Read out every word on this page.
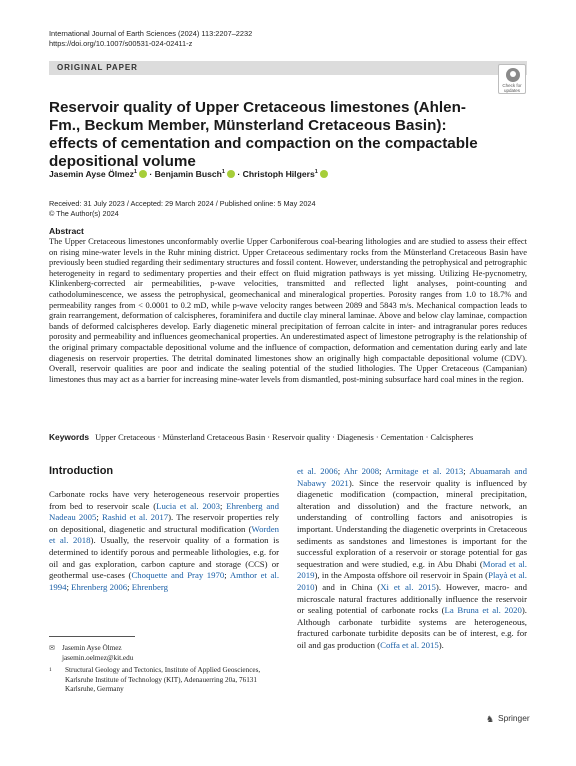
International Journal of Earth Sciences (2024) 113:2207–2232
https://doi.org/10.1007/s00531-024-02411-z
ORIGINAL PAPER
Check for
updates
Reservoir quality of Upper Cretaceous limestones (Ahlen-Fm., Beckum Member, Münsterland Cretaceous Basin): effects of cementation and compaction on the compactable depositional volume
Jasemin Ayse Ölmez$^1$ · Benjamin Busch$^1$ · Christoph Hilgers$^1$
Received: 31 July 2023 / Accepted: 29 March 2024 / Published online: 5 May 2024
© The Author(s) 2024
Abstract

The Upper Cretaceous limestones unconformably overlie Upper Carboniferous coal-bearing lithologies and are studied to assess their effect on rising mine-water levels in the Ruhr mining district. Upper Cretaceous sedimentary rocks from the Münsterland Cretaceous Basin have previously been studied regarding their sedimentary structures and fossil content. However, understanding the petrophysical and petrographic heterogeneity in regard to sedimentary properties and their effect on fluid migration pathways is yet missing. Utilizing He-pycnometry, Klinkenberg-corrected air permeabilities, p-wave velocities, transmitted and reflected light analyses, point-counting and cathodoluminescence, we assess the petrophysical, geomechanical and mineralogical properties. Porosity ranges from 1.0 to 18.7% and permeability ranges from < 0.0001 to 0.2 mD, while p-wave velocity ranges between 2089 and 5843 m/s. Mechanical compaction leads to grain rearrangement, deformation of calcispheres, foraminifera and ductile clay mineral laminae. Above and below clay laminae, compaction bands of deformed calcispheres develop. Early diagenetic mineral precipitation of ferroan calcite in inter- and intragranular pores reduces porosity and permeability and influences geomechanical properties. An underestimated aspect of limestone petrography is the relationship of the original primary compactable depositional volume and the influence of compaction, deformation and cementation during early and late diagenesis on reservoir properties. The detrital dominated limestones show an originally high compactable depositional volume (CDV). Overall, reservoir qualities are poor and indicate the sealing potential of the studied lithologies. The Upper Cretaceous (Campanian) limestones thus may act as a barrier for increasing mine-water levels from dismantled, post-mining subsurface hard coal mines in the region.

Keywords Upper Cretaceous · Münsterland Cretaceous Basin · Reservoir quality · Diagenesis · Cementation · Calcispheres
Introduction

Carbonate rocks have very heterogeneous reservoir properties from bed to reservoir scale (Lucia et al. 2003; Ehrenberg and Nadeau 2005; Rashid et al. 2017). The reservoir properties rely on depositional, diagenetic and structural modification (Worden et al. 2018). Usually, the reservoir quality of a formation is determined to identify porous and permeable lithologies, e.g. for oil and gas exploration, carbon capture and storage (CCS) or geothermal use-cases (Choquette and Pray 1970; Amthor et al. 1994; Ehrenberg 2006; Ehrenberg

et al. 2006; Ahr 2008; Armitage et al. 2013; Abuamarah and Nabawy 2021). Since the reservoir quality is influenced by diagenetic modification (compaction, mineral precipitation, alteration and dissolution) and the fracture network, an understanding of controlling factors and anisotropies is important. Understanding the diagenetic overprints in Cretaceous sediments as sandstones and limestones is important for the successful exploration of a reservoir or storage potential for gas sequestration and were studied, e.g. in Abu Dhabi (Morad et al. 2019), in the Amposta offshore oil reservoir in Spain (Playà et al. 2010) and in China (Xi et al. 2015). However, macro- and microscale natural fractures additionally influence the reservoir or sealing potential of carbonate rocks (La Bruna et al. 2020). Although carbonate turbidite systems are heterogeneous, fractured carbonate turbidite deposits can be of interest, e.g. for oil and gas production (Coffa et al. 2015).

✉ Jasemin Ayse Ölmez
jasemin.oelmez@kit.edu
1 Structural Geology and Tectonics, Institute of Applied Geosciences, Karlsruhe Institute of Technology (KIT), Adenauerring 20a, 76131 Karlsruhe, Germany
♞ Springer
